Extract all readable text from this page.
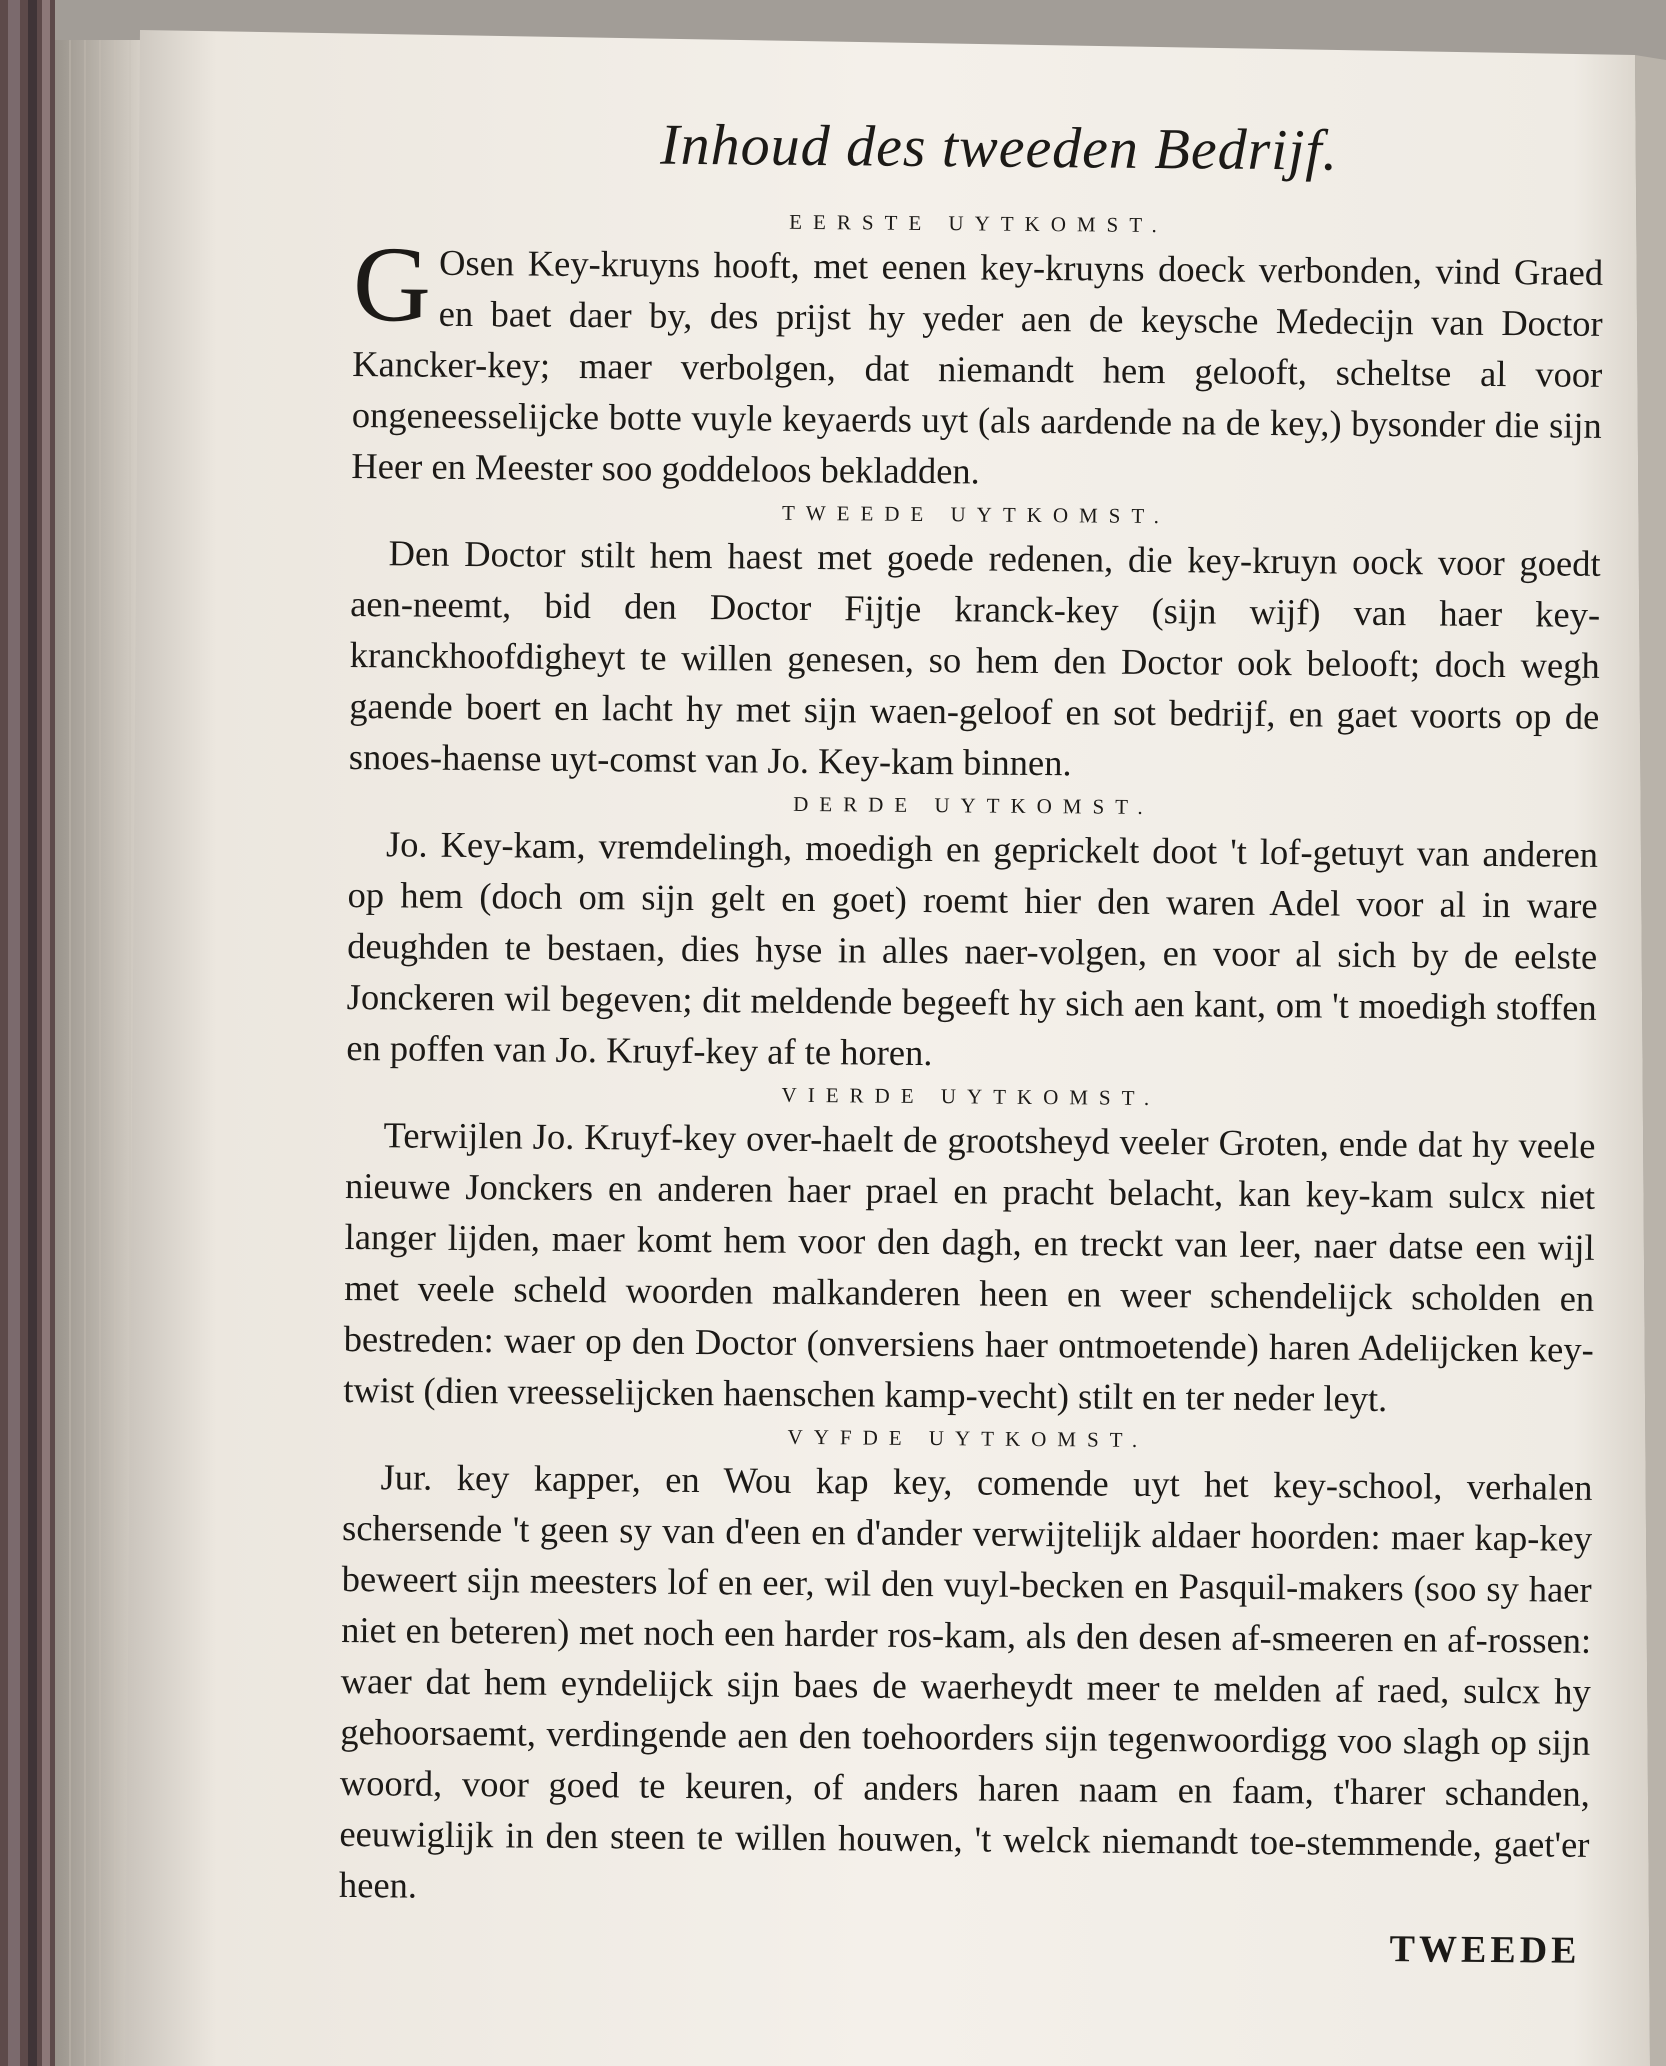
Inhoud des tweeden Bedrijf.
EERSTE UYTKOMST.

G Osen Key-kruyns hooft, met eenen key-kruyns doeck verbonden, vind Graed en baet daer by, des prijst hy yeder aen de keysche Medecijn van Doctor Kancker-key; maer verbolgen, dat niemandt hem gelooft, scheltse al voor ongeneesselijcke botte vuyle keyaerds uyt (als aardende na de key,) bysonder die sijn Heer en Meester soo goddeloos bekladden.

TWEEDE UYTKOMST.

Den Doctor stilt hem haest met goede redenen, die key-kruyn oock voor goedt aen-neemt, bid den Doctor Fijtje kranck-key (sijn wijf) van haer key-kranckhoofdigheyt te willen genesen, so hem den Doctor ook belooft; doch wegh gaende boert en lacht hy met sijn waen-geloof en sot bedrijf, en gaet voorts op de snoes-haense uyt-comst van Jo. Key-kam binnen.

DERDE UYTKOMST.

Jo. Key-kam, vremdelingh, moedigh en geprickelt doot 't lof-getuyt van anderen op hem (doch om sijn gelt en goet) roemt hier den waren Adel voor al in ware deughden te bestaen, dies hyse in alles naer-volgen, en voor al sich by de eelste Jonckeren wil begeven; dit meldende begeeft hy sich aen kant, om 't moedigh stoffen en poffen van Jo. Kruyf-key af te horen.

VIERDE UYTKOMST.

Terwijlen Jo. Kruyf-key over-haelt de grootsheyd veeler Groten, ende dat hy veele nieuwe Jonckers en anderen haer prael en pracht belacht, kan key-kam sulcx niet langer lijden, maer komt hem voor den dagh, en treckt van leer, naer datse een wijl met veele scheld woorden malkanderen heen en weer schendelijck scholden en bestreden: waer op den Doctor (onversiens haer ontmoetende) haren Adelijcken key-twist (dien vreesselijcken haenschen kamp-vecht) stilt en ter neder leyt.

VYFDE UYTKOMST.

Jur. key kapper, en Wou kap key, comende uyt het key-school, verhalen schersende 't geen sy van d'een en d'ander verwijtelijk aldaer hoorden: maer kap-key beweert sijn meesters lof en eer, wil den vuyl-becken en Pasquil-makers (soo sy haer niet en beteren) met noch een harder ros-kam, als den desen af-smeeren en af-rossen: waer dat hem eyndelijck sijn baes de waerheydt meer te melden af raed, sulcx hy gehoorsaemt, verdingende aen den toehoorders sijn tegenwoordigg voo slagh op sijn woord, voor goed te keuren, of anders haren naam en faam, t'harer schanden, eeuwiglijk in den steen te willen houwen, 't welck niemandt toe-stemmende, gaet'er heen.

TWEEDE
